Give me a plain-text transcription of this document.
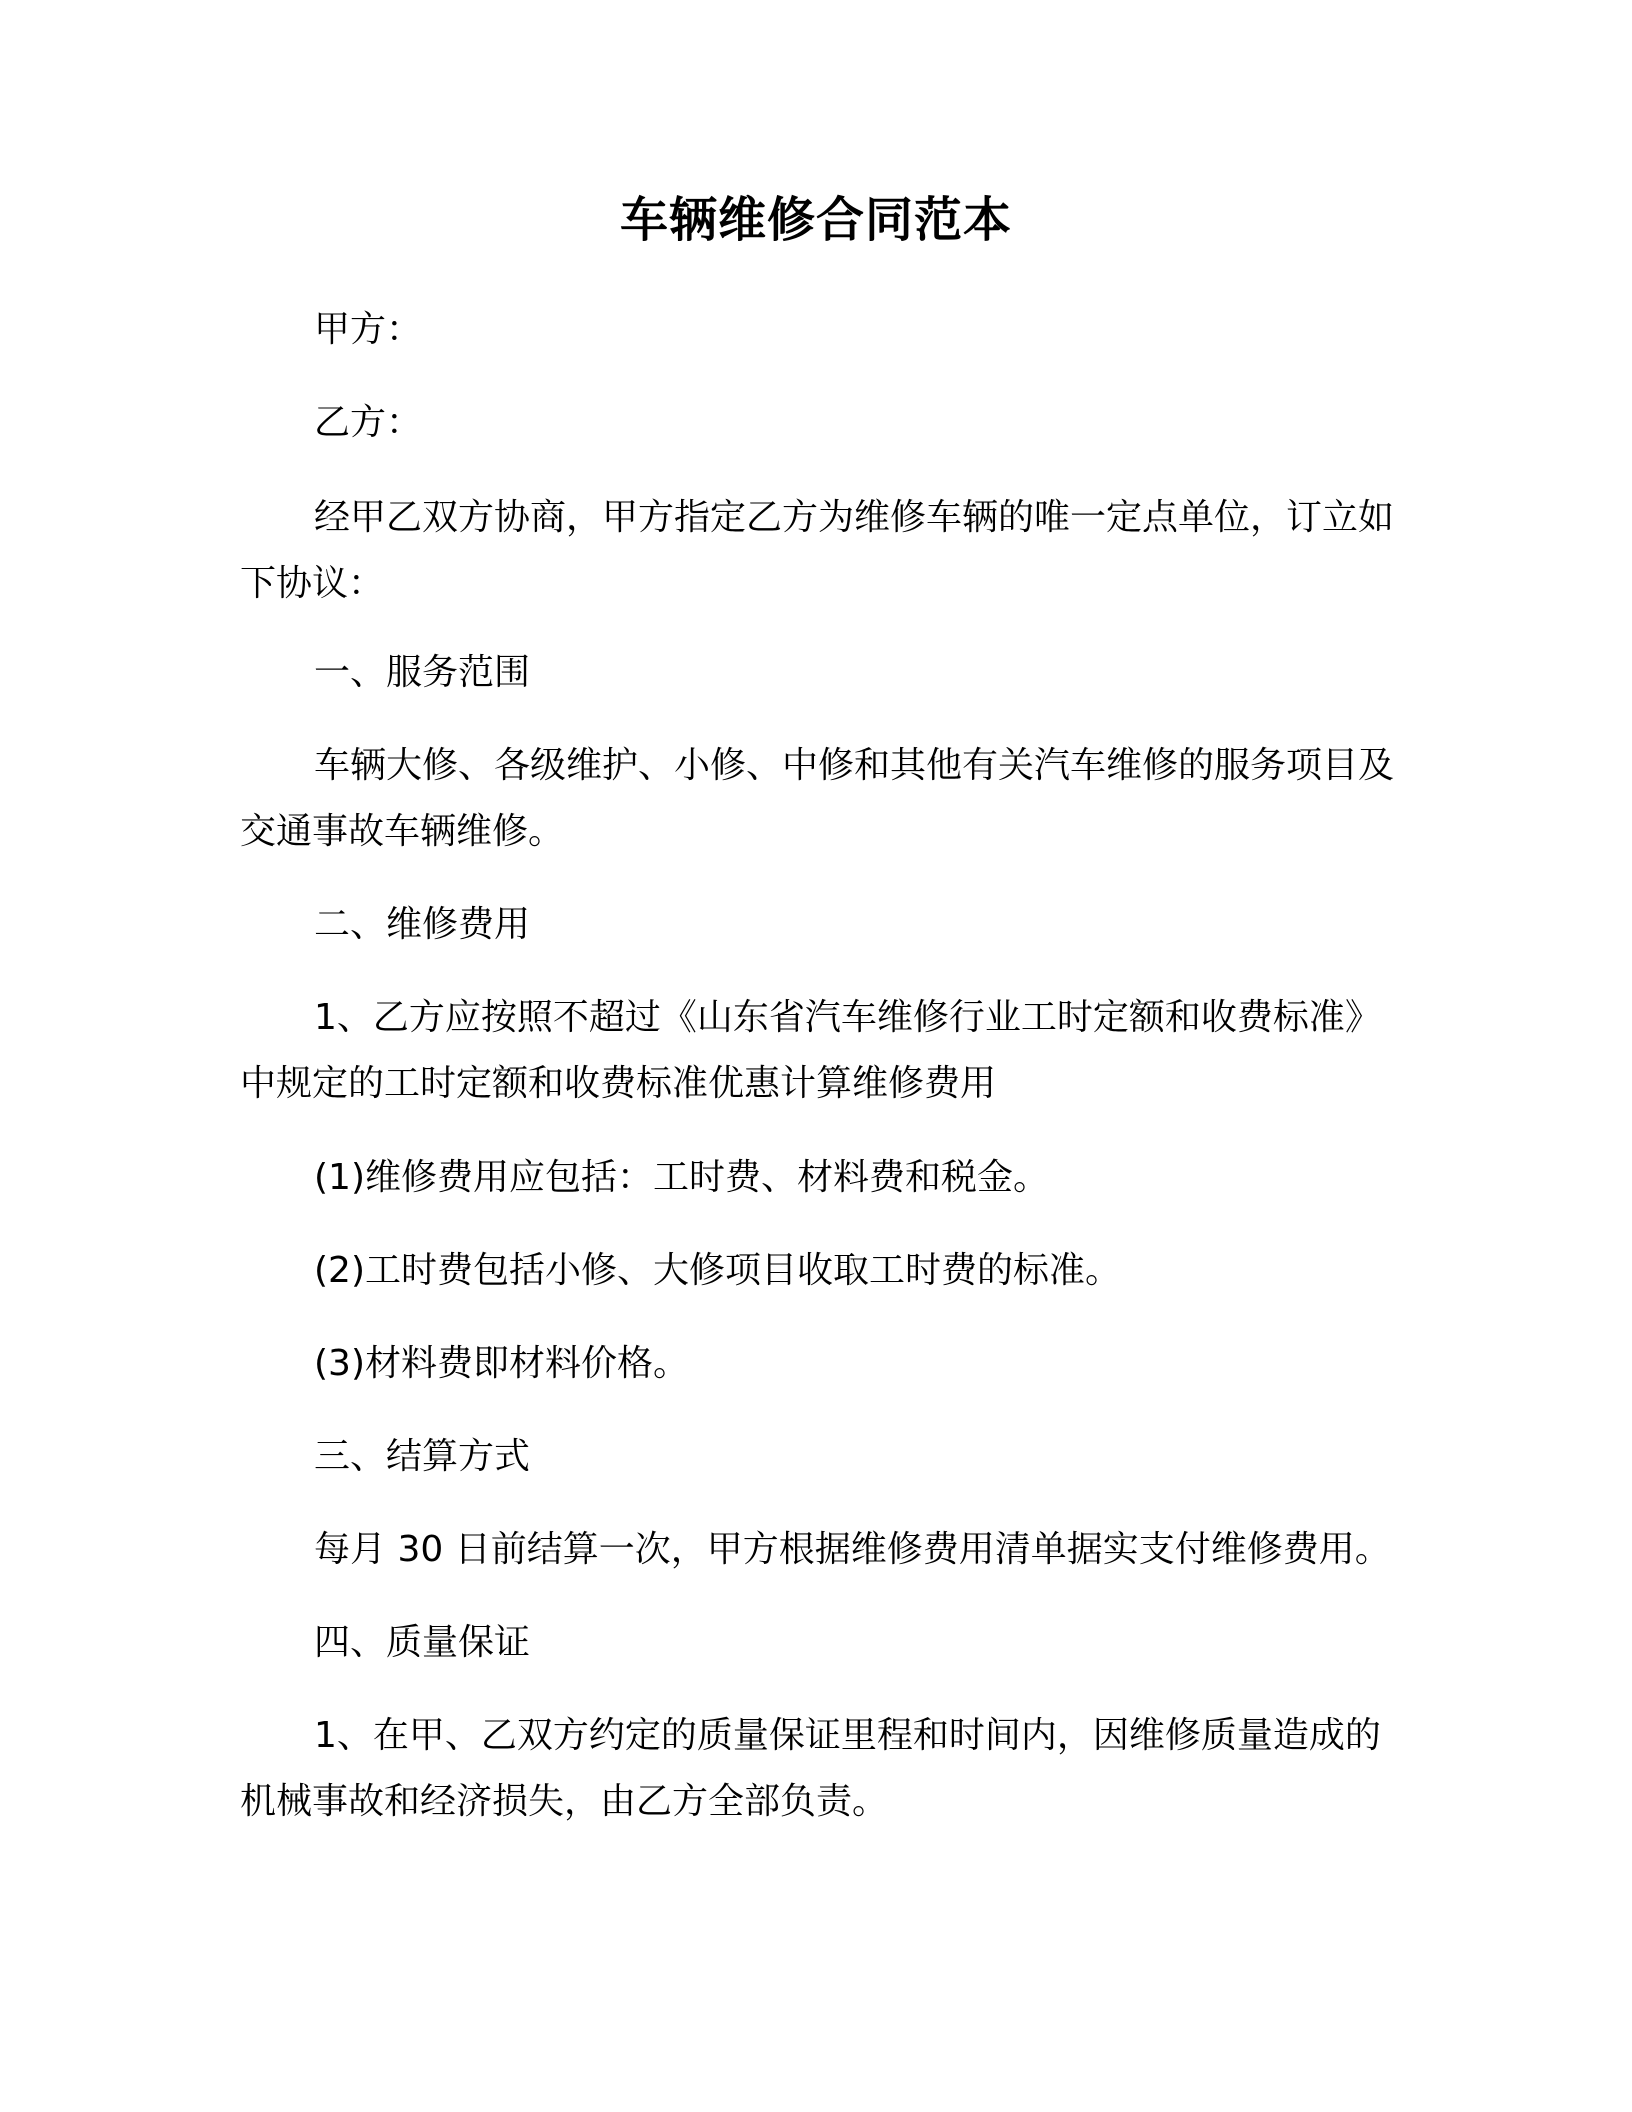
车辆维修合同范本

甲方：

乙方：

经甲乙双方协商，甲方指定乙方为维修车辆的唯一定点单位，订立如下协议：

一、服务范围

车辆大修、各级维护、小修、中修和其他有关汽车维修的服务项目及交通事故车辆维修。

二、维修费用

1、乙方应按照不超过《山东省汽车维修行业工时定额和收费标准》中规定的工时定额和收费标准优惠计算维修费用

(1)维修费用应包括：工时费、材料费和税金。

(2)工时费包括小修、大修项目收取工时费的标准。

(3)材料费即材料价格。

三、结算方式

每月 30 日前结算一次，甲方根据维修费用清单据实支付维修费用。

四、质量保证

1、在甲、乙双方约定的质量保证里程和时间内，因维修质量造成的机械事故和经济损失，由乙方全部负责。
